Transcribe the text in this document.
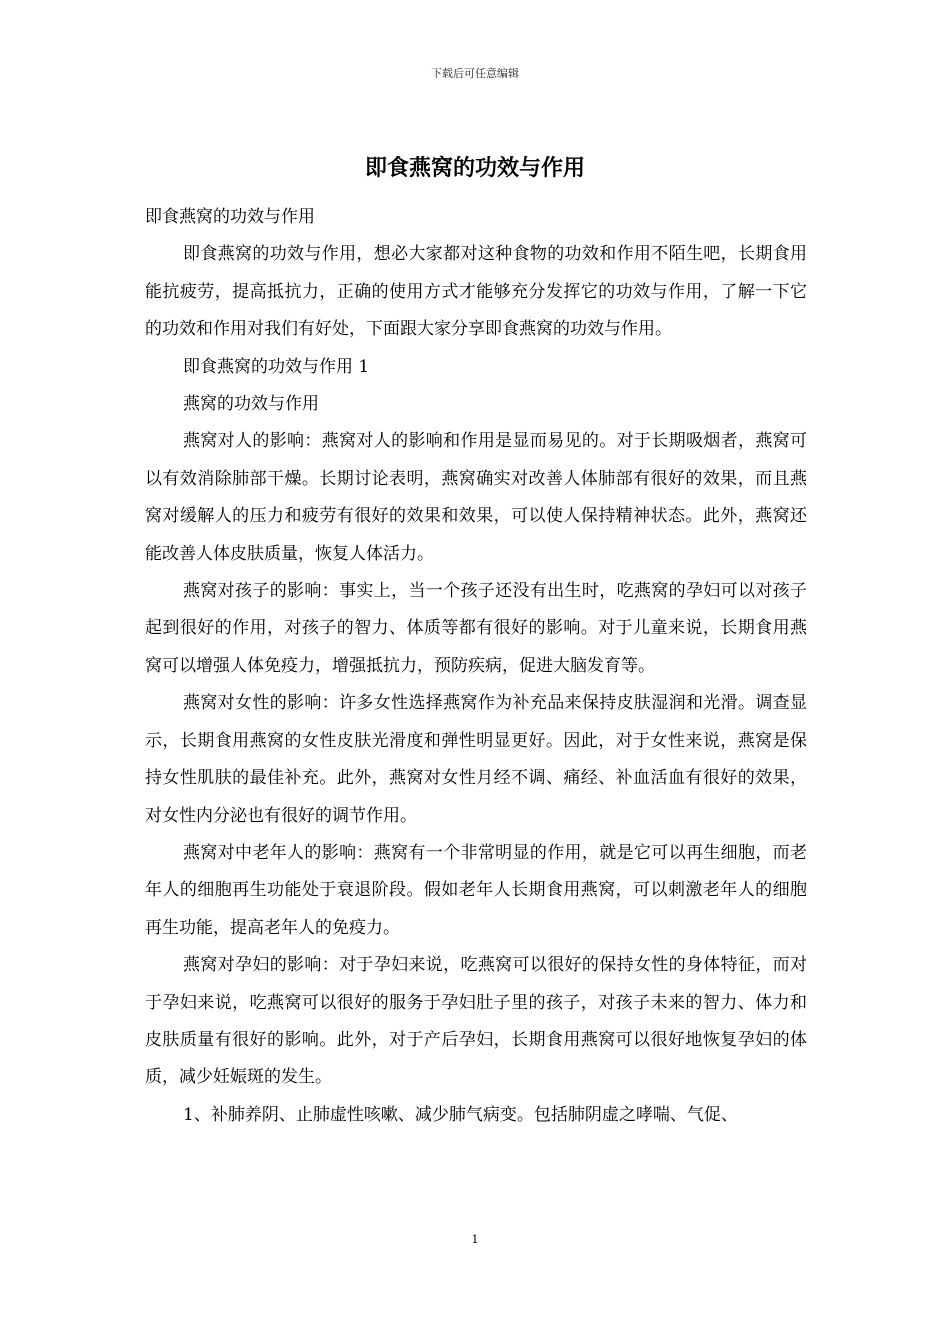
下载后可任意编辑
即食燕窝的功效与作用

即食燕窝的功效与作用

即食燕窝的功效与作用，想必大家都对这种食物的功效和作用不陌生吧，长期食用能抗疲劳，提高抵抗力，正确的使用方式才能够充分发挥它的功效与作用，了解一下它的功效和作用对我们有好处，下面跟大家分享即食燕窝的功效与作用。

即食燕窝的功效与作用 1

燕窝的功效与作用

燕窝对人的影响：燕窝对人的影响和作用是显而易见的。对于长期吸烟者，燕窝可以有效消除肺部干燥。长期讨论表明，燕窝确实对改善人体肺部有很好的效果，而且燕窝对缓解人的压力和疲劳有很好的效果和效果，可以使人保持精神状态。此外，燕窝还能改善人体皮肤质量，恢复人体活力。

燕窝对孩子的影响：事实上，当一个孩子还没有出生时，吃燕窝的孕妇可以对孩子起到很好的作用，对孩子的智力、体质等都有很好的影响。对于儿童来说，长期食用燕窝可以增强人体免疫力，增强抵抗力，预防疾病，促进大脑发育等。

燕窝对女性的影响：许多女性选择燕窝作为补充品来保持皮肤湿润和光滑。调查显示，长期食用燕窝的女性皮肤光滑度和弹性明显更好。因此，对于女性来说，燕窝是保持女性肌肤的最佳补充。此外，燕窝对女性月经不调、痛经、补血活血有很好的效果，对女性内分泌也有很好的调节作用。

燕窝对中老年人的影响：燕窝有一个非常明显的作用，就是它可以再生细胞，而老年人的细胞再生功能处于衰退阶段。假如老年人长期食用燕窝，可以刺激老年人的细胞再生功能，提高老年人的免疫力。

燕窝对孕妇的影响：对于孕妇来说，吃燕窝可以很好的保持女性的身体特征，而对于孕妇来说，吃燕窝可以很好的服务于孕妇肚子里的孩子，对孩子未来的智力、体力和皮肤质量有很好的影响。此外，对于产后孕妇，长期食用燕窝可以很好地恢复孕妇的体质，减少妊娠斑的发生。

1、补肺养阴、止肺虚性咳嗽、减少肺气病变。包括肺阴虚之哮喘、气促、

1
